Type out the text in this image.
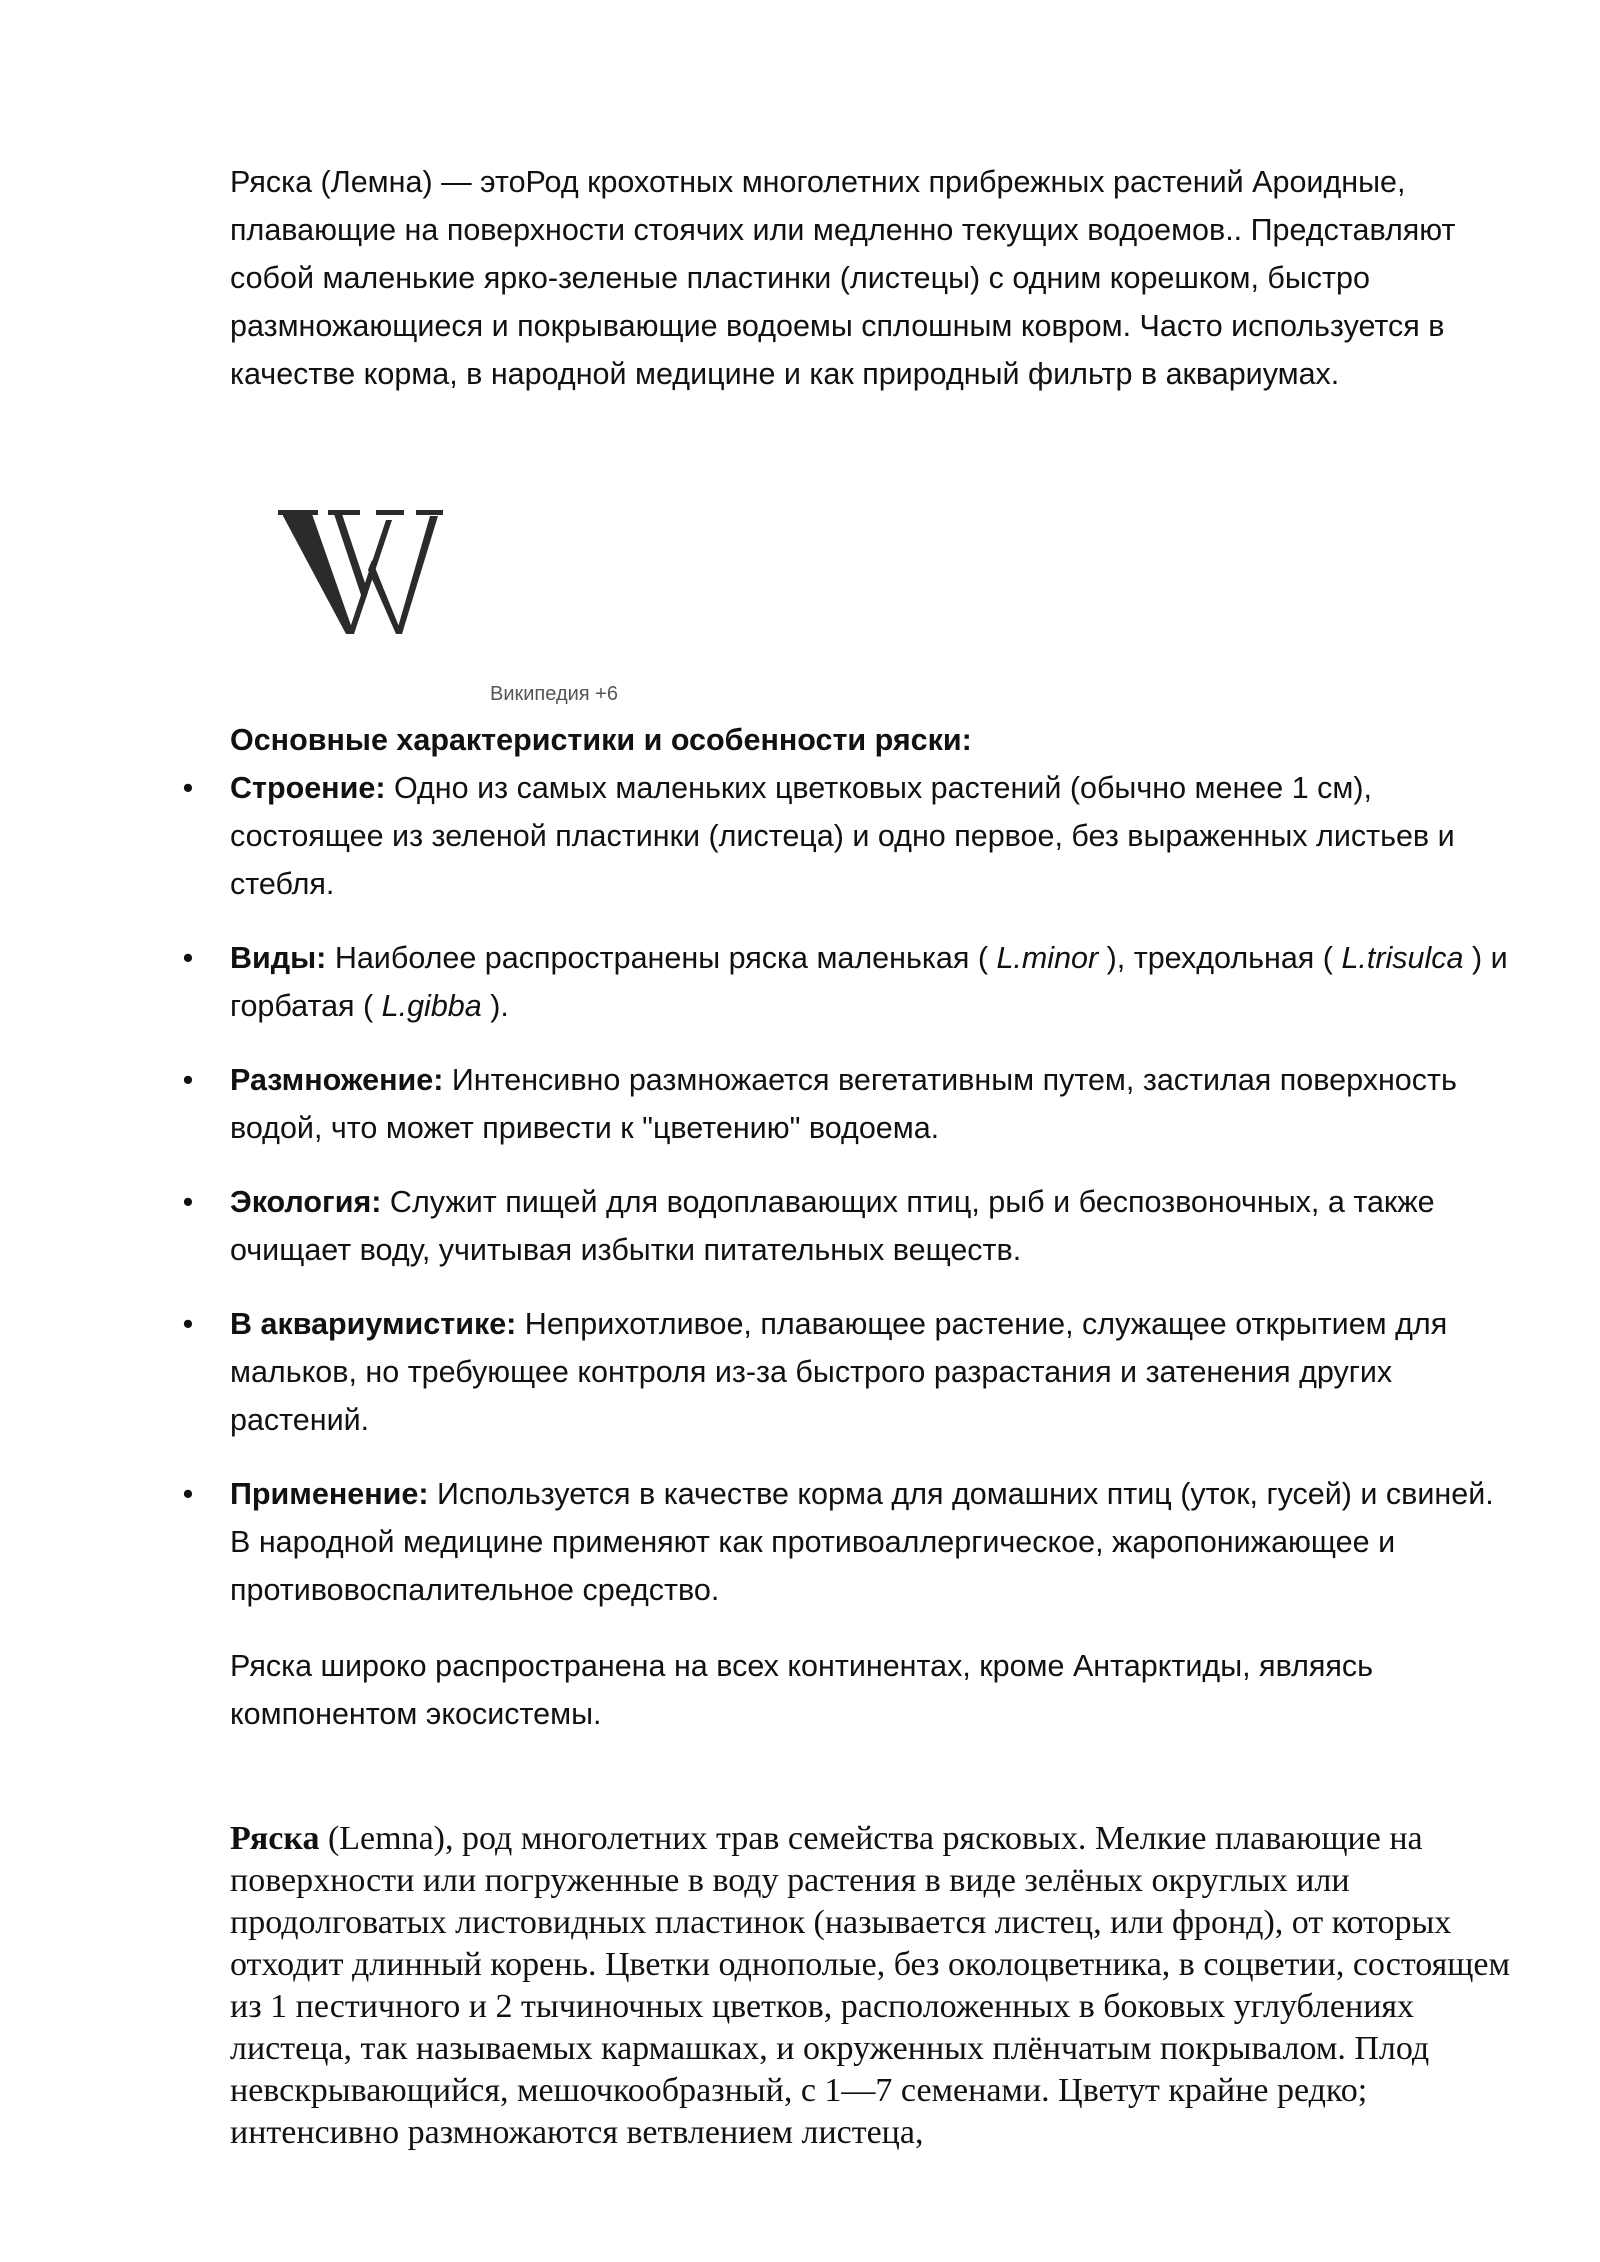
Ряска (Лемна) — этоРод крохотных многолетних прибрежных растений Ароидные, плавающие на поверхности стоячих или медленно текущих водоемов.. Представляют собой маленькие ярко-зеленые пластинки (листецы) с одним корешком, быстро размножающиеся и покрывающие водоемы сплошным ковром. Часто используется в качестве корма, в народной медицине и как природный фильтр в аквариумах.

Википедия +6

Основные характеристики и особенности ряски:

• Строение: Одно из самых маленьких цветковых растений (обычно менее 1 см), состоящее из зеленой пластинки (листеца) и одно первое, без выраженных листьев и стебля.
• Виды: Наиболее распространены ряска маленькая ( L.minor ), трехдольная ( L.trisulca ) и горбатая ( L.gibba ).
• Размножение: Интенсивно размножается вегетативным путем, застилая поверхность водой, что может привести к "цветению" водоема.
• Экология: Служит пищей для водоплавающих птиц, рыб и беспозвоночных, а также очищает воду, учитывая избытки питательных веществ.
• В аквариумистике: Неприхотливое, плавающее растение, служащее открытием для мальков, но требующее контроля из-за быстрого разрастания и затенения других растений.
• Применение: Используется в качестве корма для домашних птиц (уток, гусей) и свиней. В народной медицине применяют как противоаллергическое, жаропонижающее и противовоспалительное средство.

Ряска широко распространена на всех континентах, кроме Антарктиды, являясь компонентом экосистемы.

Ряска (Lemna), род многолетних трав семейства рясковых. Мелкие плавающие на поверхности или погруженные в воду растения в виде зелёных округлых или продолговатых листовидных пластинок (называется листец, или фронд), от которых отходит длинный корень. Цветки однополые, без околоцветника, в соцветии, состоящем из 1 пестичного и 2 тычиночных цветков, расположенных в боковых углублениях листеца, так называемых кармашках, и окруженных плёнчатым покрывалом. Плод невскрывающийся, мешочкообразный, с 1—7 семенами. Цветут крайне редко; интенсивно размножаются ветвлением листеца,
